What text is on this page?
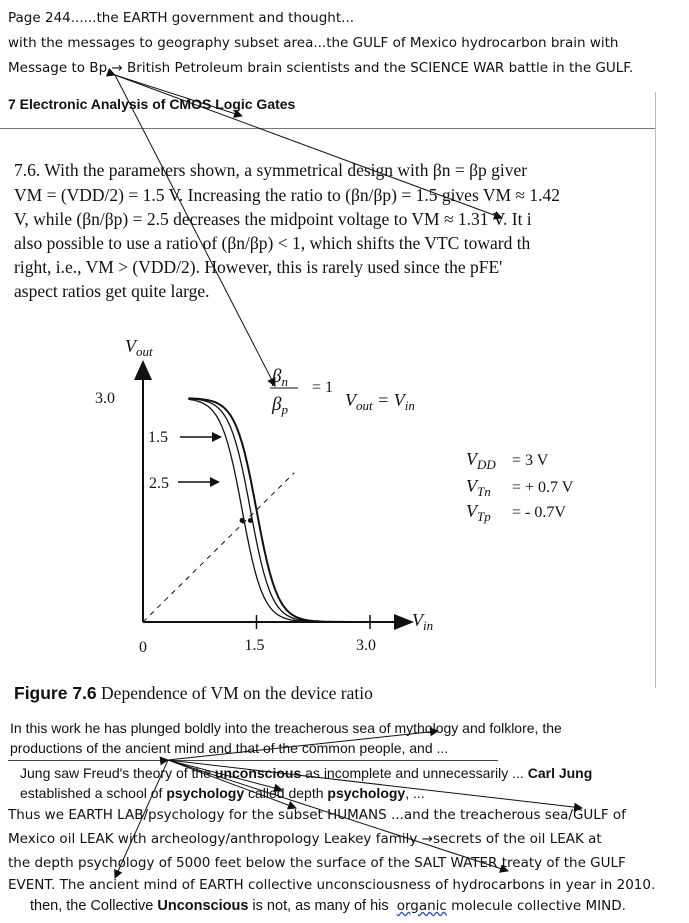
Page 244......the EARTH government and thought...
with the messages to geography subset area...the GULF of Mexico hydrocarbon brain with
Message to Bp → British Petroleum brain scientists and the SCIENCE WAR battle in the GULF.
7 Electronic Analysis of CMOS Logic Gates
7.6. With the parameters shown, a symmetrical design with βn = βp giver
VM = (VDD/2) = 1.5 V. Increasing the ratio to (βn/βp) = 1.5 gives VM ≈ 1.42
V, while (βn/βp) = 2.5 decreases the midpoint voltage to VM ≈ 1.31 V. It i
also possible to use a ratio of (βn/βp) < 1, which shifts the VTC toward th
right, i.e., VM > (VDD/2). However, this is rarely used since the pFE'
aspect ratios get quite large.
0	1.5	3.0
3.0
$V_{out}$
$V_{in}$
$V_{out} = V_{in}$
$\beta_n$
$\beta_p$
= 1
1.5
2.5
$V_{DD} = 3$ V
$V_{Tn}$ = + 0.7 V
$V_{Tp}$ = - 0.7V
Figure 7.6 Dependence of VM on the device ratio
In this work he has plunged boldly into the treacherous sea of mythology and folklore, the
productions of the ancient mind and that of the common people, and ...
Jung saw Freud's theory of the unconscious as incomplete and unnecessarily ... Carl Jung
established a school of psychology called depth psychology, ...
Thus we EARTH LAB/psychology for the subset HUMANS ...and the treacherous sea/GULF of
Mexico oil LEAK with archeology/anthropology Leakey family →secrets of the oil LEAK at
the depth psychology of 5000 feet below the surface of the SALT WATER treaty of the GULF
EVENT. The ancient mind of EARTH collective unconsciousness of hydrocarbons in year in 2010.
then, the Collective Unconscious is not, as many of his organic molecule collective MIND.
